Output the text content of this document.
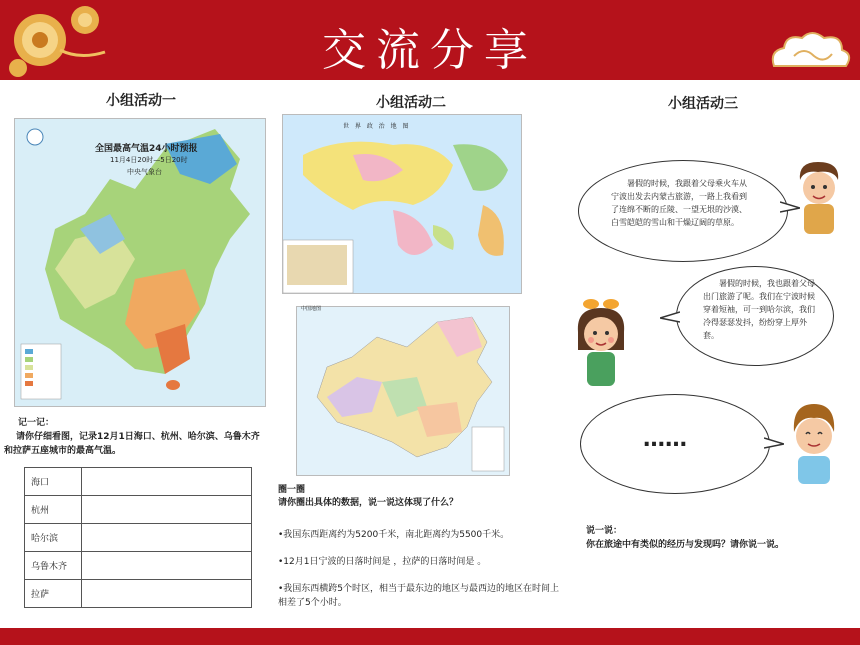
交流分享
小组活动一
全国最高气温24小时预报
11月4日20时—5日20时
中央气象台
记一记：
请你仔细看图，记录12月1日海口、杭州、哈尔滨、乌鲁木齐和拉萨五座城市的最高气温。
海口	
杭州	
哈尔滨	
乌鲁木齐	
拉萨	
小组活动二
世 界 政 治 地 图
中国地图
圈一圈
请你圈出具体的数据，说一说这体现了什么？
•我国东西距离约为5200千米，南北距离约为5500千米。
•12月1日宁波的日落时间是 ，拉萨的日落时间是 。
•我国东西横跨5个时区，相当于最东边的地区与最西边的地区在时间上相差了5个小时。
小组活动三
暑假的时候，我跟着父母乘火车从宁波出发去内蒙古旅游，一路上我看到了连绵不断的丘陵、一望无垠的沙漠、白雪皑皑的雪山和干燥辽阔的草原。
暑假的时候，我也跟着父母出门旅游了呢。我们在宁波时候穿着短袖，可一到哈尔滨，我们冷得瑟瑟发抖，纷纷穿上厚外套。
……
说一说：
你在旅途中有类似的经历与发现吗？请你说一说。
